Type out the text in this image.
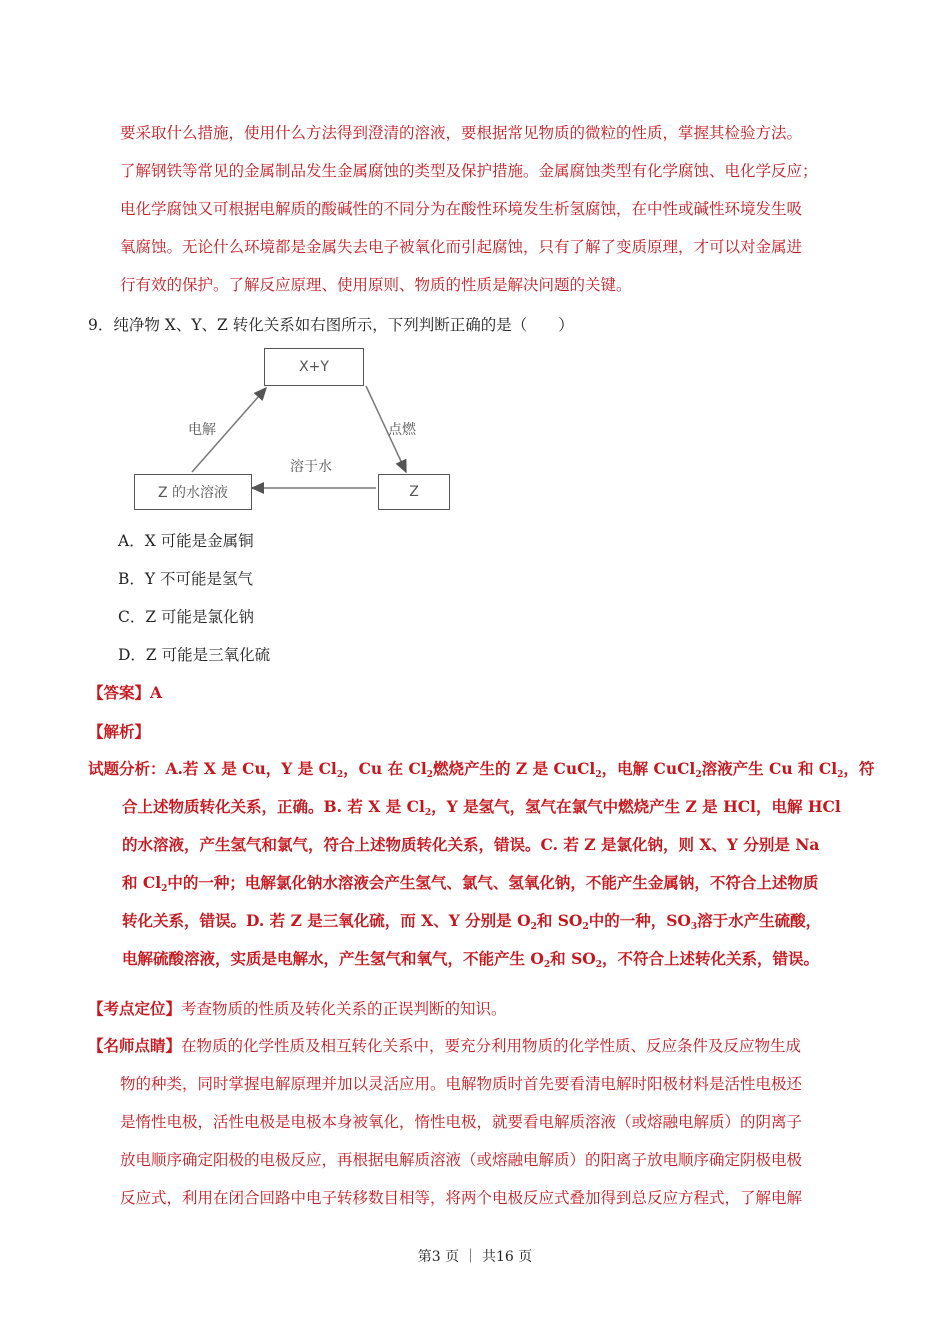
要采取什么措施，使用什么方法得到澄清的溶液，要根据常见物质的微粒的性质，掌握其检验方法。
了解钢铁等常见的金属制品发生金属腐蚀的类型及保护措施。金属腐蚀类型有化学腐蚀、电化学反应；
电化学腐蚀又可根据电解质的酸碱性的不同分为在酸性环境发生析氢腐蚀，在中性或碱性环境发生吸
氧腐蚀。无论什么环境都是金属失去电子被氧化而引起腐蚀，只有了解了变质原理，才可以对金属进
行有效的保护。了解反应原理、使用原则、物质的性质是解决问题的关键。
9．纯净物 X、Y、Z 转化关系如右图所示，下列判断正确的是（　　）
X+Y
Z 的水溶液	Z
电解	点燃
溶于水
A．X 可能是金属铜
B．Y 不可能是氢气
C．Z 可能是氯化钠
D．Z 可能是三氧化硫
【答案】A
【解析】
试题分析：A.若 X 是 Cu，Y 是 $Cl_2$，Cu 在 $Cl_2$燃烧产生的 Z 是 CuCl$_2$，电解 CuCl$_2$溶液产生 Cu 和 $Cl_2$，符
合上述物质转化关系，正确。B. 若 X 是 $Cl_2$，Y 是氢气，氢气在氯气中燃烧产生 Z 是 HCl，电解 HCl
的水溶液，产生氢气和氯气，符合上述物质转化关系，错误。C. 若 Z 是氯化钠，则 X、Y 分别是 Na
和 $Cl_2$中的一种；电解氯化钠水溶液会产生氢气、氯气、氢氧化钠，不能产生金属钠，不符合上述物质
转化关系，错误。D. 若 Z 是三氧化硫，而 X、Y 分别是 $O_2$和 $SO_2$中的一种，$SO_3$溶于水产生硫酸，
电解硫酸溶液，实质是电解水，产生氢气和氧气，不能产生 $O_2$和 $SO_2$，不符合上述转化关系，错误。
【考点定位】考查物质的性质及转化关系的正误判断的知识。
【名师点睛】在物质的化学性质及相互转化关系中，要充分利用物质的化学性质、反应条件及反应物生成
物的种类，同时掌握电解原理并加以灵活应用。电解物质时首先要看清电解时阳极材料是活性电极还
是惰性电极，活性电极是电极本身被氧化，惰性电极，就要看电解质溶液（或熔融电解质）的阴离子
放电顺序确定阳极的电极反应，再根据电解质溶液（或熔融电解质）的阳离子放电顺序确定阴极电极
反应式，利用在闭合回路中电子转移数目相等，将两个电极反应式叠加得到总反应方程式，了解电解
第3 页 ｜ 共16 页
